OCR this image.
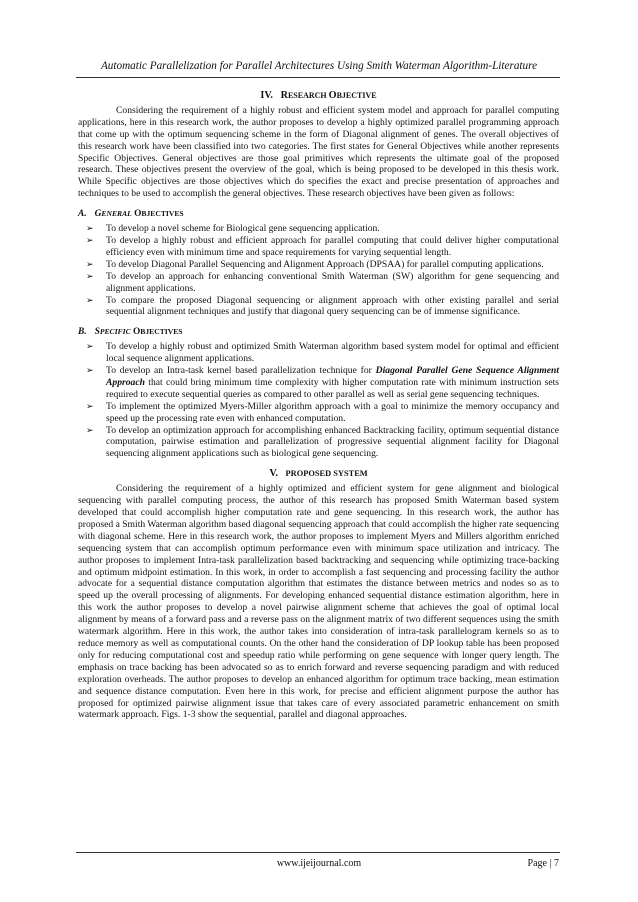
Automatic Parallelization for Parallel Architectures Using Smith Waterman Algorithm-Literature
IV. RESEARCH OBJECTIVE

Considering the requirement of a highly robust and efficient system model and approach for parallel computing applications, here in this research work, the author proposes to develop a highly optimized parallel programming approach that come up with the optimum sequencing scheme in the form of Diagonal alignment of genes. The overall objectives of this research work have been classified into two categories. The first states for General Objectives while another represents Specific Objectives. General objectives are those goal primitives which represents the ultimate goal of the proposed research. These objectives present the overview of the goal, which is being proposed to be developed in this thesis work. While Specific objectives are those objectives which do specifies the exact and precise presentation of approaches and techniques to be used to accomplish the general objectives. These research objectives have been given as follows:

A. GENERAL OBJECTIVES
➢ To develop a novel scheme for Biological gene sequencing application.
➢ To develop a highly robust and efficient approach for parallel computing that could deliver higher computational efficiency even with minimum time and space requirements for varying sequential length.
➢ To develop Diagonal Parallel Sequencing and Alignment Approach (DPSAA) for parallel computing applications.
➢ To develop an approach for enhancing conventional Smith Waterman (SW) algorithm for gene sequencing and alignment applications.
➢ To compare the proposed Diagonal sequencing or alignment approach with other existing parallel and serial sequential alignment techniques and justify that diagonal query sequencing can be of immense significance.
B. SPECIFIC OBJECTIVES
➢ To develop a highly robust and optimized Smith Waterman algorithm based system model for optimal and efficient local sequence alignment applications.
➢ To develop an Intra-task kernel based parallelization technique for Diagonal Parallel Gene Sequence Alignment Approach that could bring minimum time complexity with higher computation rate with minimum instruction sets required to execute sequential queries as compared to other parallel as well as serial gene sequencing techniques.
➢ To implement the optimized Myers-Miller algorithm approach with a goal to minimize the memory occupancy and speed up the processing rate even with enhanced computation.
➢ To develop an optimization approach for accomplishing enhanced Backtracking facility, optimum sequential distance computation, pairwise estimation and parallelization of progressive sequential alignment facility for Diagonal sequencing alignment applications such as biological gene sequencing.
V. PROPOSED SYSTEM

Considering the requirement of a highly optimized and efficient system for gene alignment and biological sequencing with parallel computing process, the author of this research has proposed Smith Waterman based system developed that could accomplish higher computation rate and gene sequencing. In this research work, the author has proposed a Smith Waterman algorithm based diagonal sequencing approach that could accomplish the higher rate sequencing with diagonal scheme. Here in this research work, the author proposes to implement Myers and Millers algorithm enriched sequencing system that can accomplish optimum performance even with minimum space utilization and intricacy. The author proposes to implement Intra-task parallelization based backtracking and sequencing while optimizing trace-backing and optimum midpoint estimation. In this work, in order to accomplish a fast sequencing and processing facility the author advocate for a sequential distance computation algorithm that estimates the distance between metrics and nodes so as to speed up the overall processing of alignments. For developing enhanced sequential distance estimation algorithm, here in this work the author proposes to develop a novel pairwise alignment scheme that achieves the goal of optimal local alignment by means of a forward pass and a reverse pass on the alignment matrix of two different sequences using the smith watermark algorithm. Here in this work, the author takes into consideration of intra-task parallelogram kernels so as to reduce memory as well as computational counts. On the other hand the consideration of DP lookup table has been proposed only for reducing computational cost and speedup ratio while performing on gene sequence with longer query length. The emphasis on trace backing has been advocated so as to enrich forward and reverse sequencing paradigm and with reduced exploration overheads. The author proposes to develop an enhanced algorithm for optimum trace backing, mean estimation and sequence distance computation. Even here in this work, for precise and efficient alignment purpose the author has proposed for optimized pairwise alignment issue that takes care of every associated parametric enhancement on smith watermark approach. Figs. 1-3 show the sequential, parallel and diagonal approaches.

www.ijeijournal.com	Page | 7
